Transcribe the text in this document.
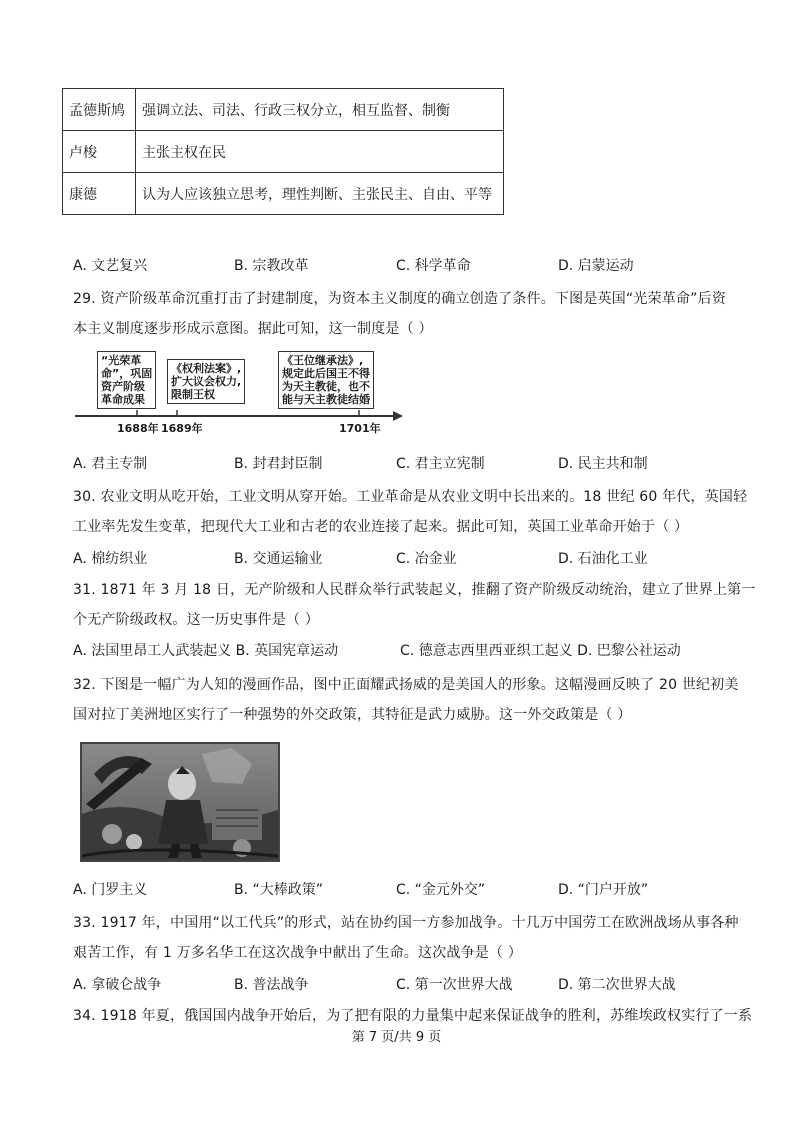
孟德斯鸠	强调立法、司法、行政三权分立，相互监督、制衡
卢梭	主张主权在民
康德	认为人应该独立思考，理性判断、主张民主、自由、平等
A. 文艺复兴	B. 宗教改革	C. 科学革命	D. 启蒙运动
29. 资产阶级革命沉重打击了封建制度，为资本主义制度的确立创造了条件。下图是英国“光荣革命”后资
本主义制度逐步形成示意图。据此可知，这一制度是（ ）
“光荣革
命”，巩固
资产阶级
革命成果
《权利法案》,
扩大议会权力,
限制王权
《王位继承法》,
规定此后国王不得
为天主教徒，也不
能与天主教徒结婚
1688年 1689年	1701年
A. 君主专制	B. 封君封臣制	C. 君主立宪制	D. 民主共和制
30. 农业文明从吃开始，工业文明从穿开始。工业革命是从农业文明中长出来的。18 世纪 60 年代，英国轻
工业率先发生变革，把现代大工业和古老的农业连接了起来。据此可知，英国工业革命开始于（ ）
A. 棉纺织业	B. 交通运输业	C. 冶金业	D. 石油化工业
31. 1871 年 3 月 18 日，无产阶级和人民群众举行武装起义，推翻了资产阶级反动统治，建立了世界上第一
个无产阶级政权。这一历史事件是（ ）
A. 法国里昂工人武装起义 B. 英国宪章运动	C. 德意志西里西亚织工起义 D. 巴黎公社运动
32. 下图是一幅广为人知的漫画作品，图中正面耀武扬威的是美国人的形象。这幅漫画反映了 20 世纪初美
国对拉丁美洲地区实行了一种强势的外交政策，其特征是武力威胁。这一外交政策是（ ）
A. 门罗主义	B. “大棒政策”	C. “金元外交”	D. “门户开放”
33. 1917 年，中国用“以工代兵”的形式，站在协约国一方参加战争。十几万中国劳工在欧洲战场从事各种
艰苦工作，有 1 万多名华工在这次战争中献出了生命。这次战争是（ ）
A. 拿破仑战争	B. 普法战争	C. 第一次世界大战	D. 第二次世界大战
34. 1918 年夏，俄国国内战争开始后，为了把有限的力量集中起来保证战争的胜利，苏维埃政权实行了一系
第 7 页/共 9 页
